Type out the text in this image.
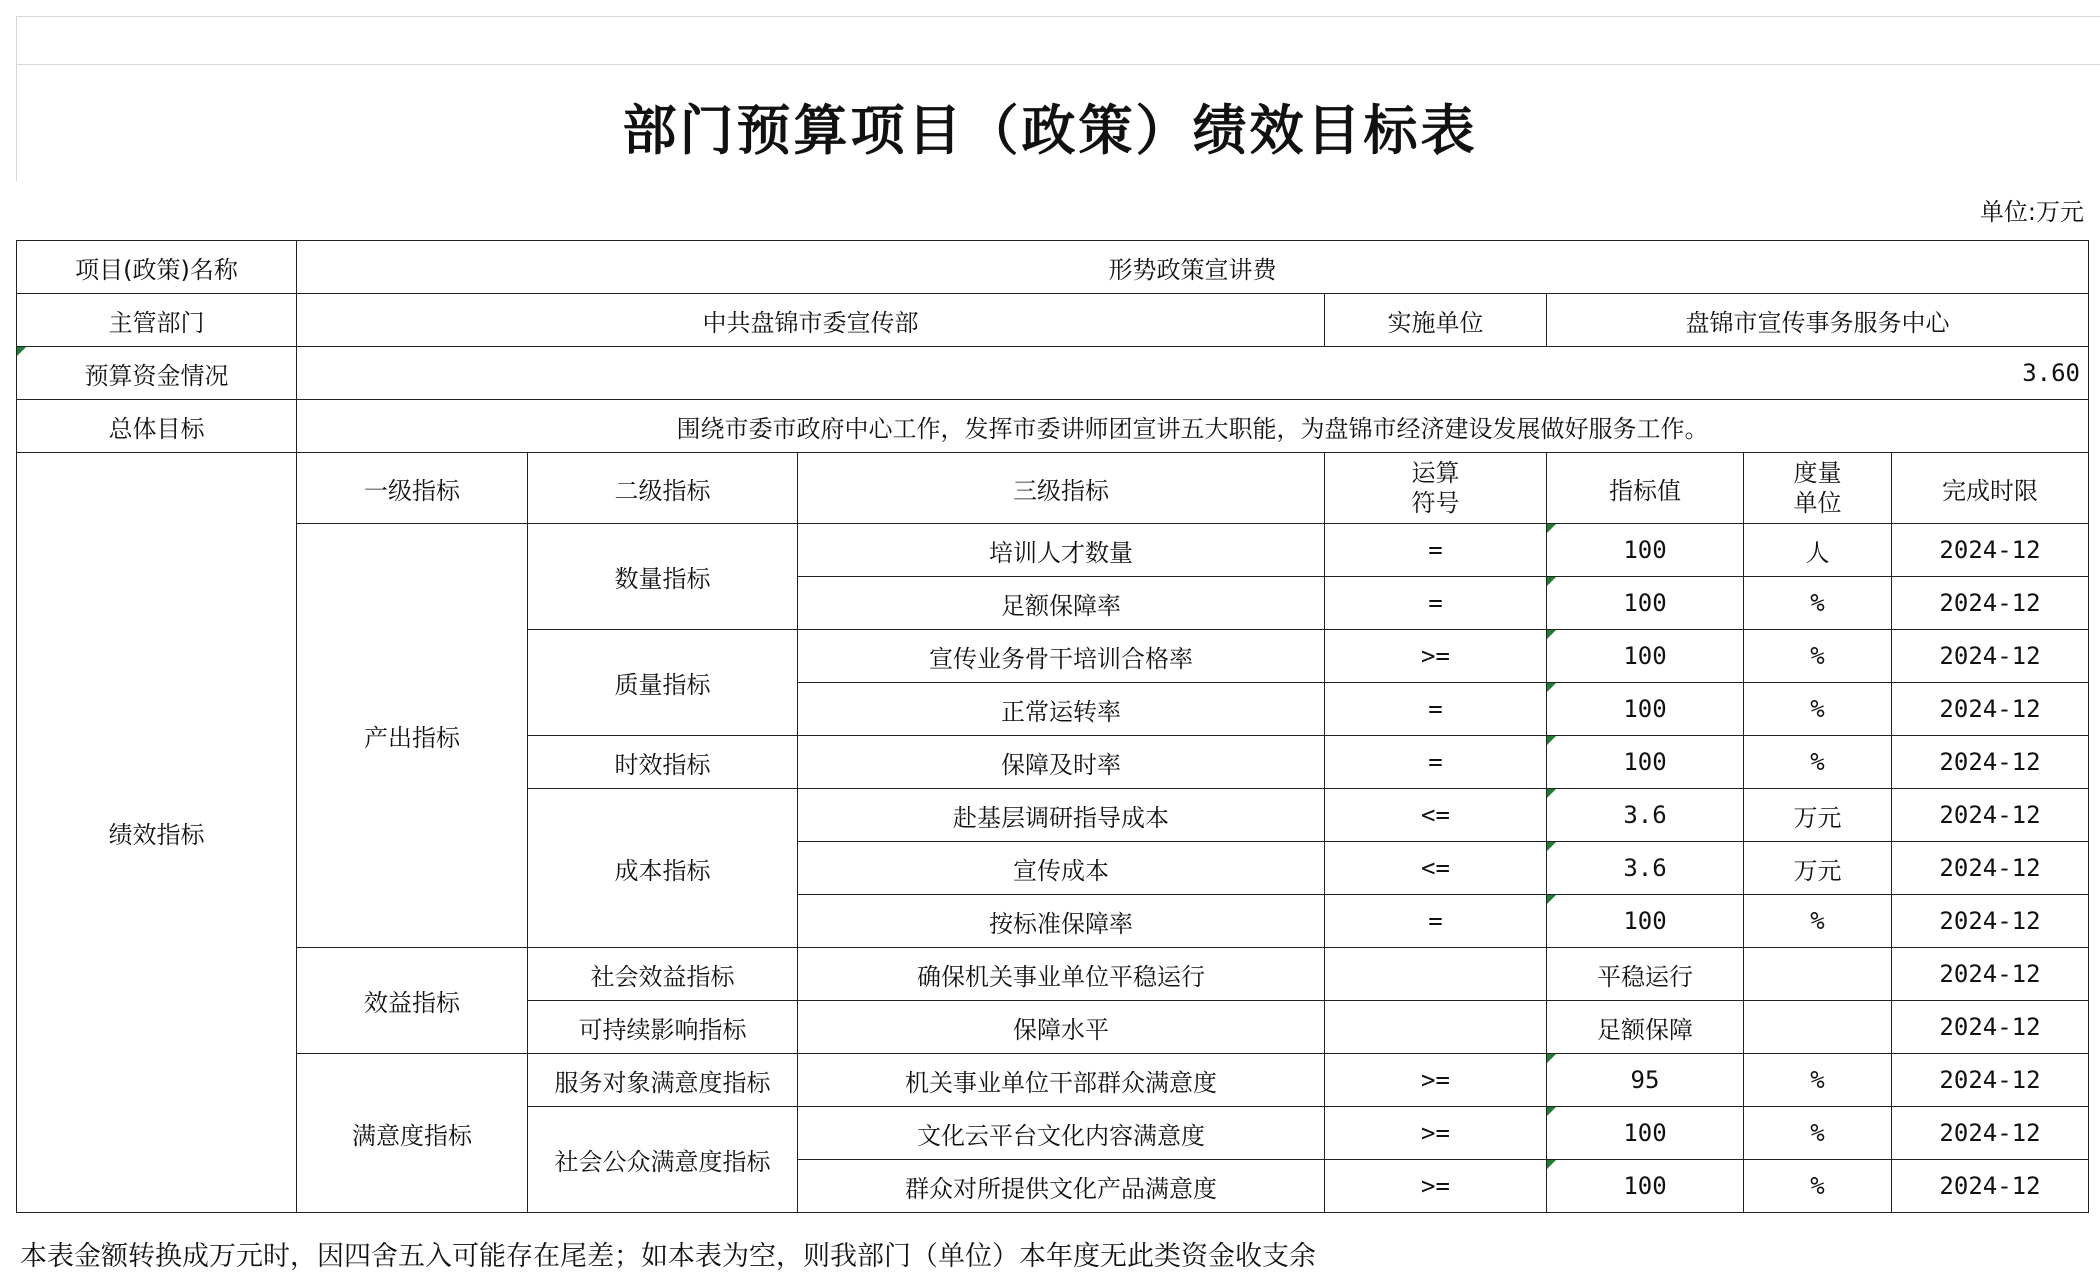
部门预算项目（政策）绩效目标表
单位:万元
项目(政策)名称	形势政策宣讲费						
主管部门	中共盘锦市委宣传部			实施单位	盘锦市宣传事务服务中心		
预算资金情况	3.60						
总体目标	围绕市委市政府中心工作，发挥市委讲师团宣讲五大职能，为盘锦市经济建设发展做好服务工作。						
绩效指标	一级指标	二级指标	三级指标	运算符号	指标值	度量单位	完成时限
	产出指标	数量指标	培训人才数量	=	100	人	2024-12
			足额保障率	=	100	%	2024-12
		质量指标	宣传业务骨干培训合格率	>=	100	%	2024-12
			正常运转率	=	100	%	2024-12
		时效指标	保障及时率	=	100	%	2024-12
		成本指标	赴基层调研指导成本	<=	3.6	万元	2024-12
			宣传成本	<=	3.6	万元	2024-12
			按标准保障率	=	100	%	2024-12
	效益指标	社会效益指标	确保机关事业单位平稳运行		平稳运行		2024-12
		可持续影响指标	保障水平		足额保障		2024-12
	满意度指标	服务对象满意度指标	机关事业单位干部群众满意度	>=	95	%	2024-12
		社会公众满意度指标	文化云平台文化内容满意度	>=	100	%	2024-12
			群众对所提供文化产品满意度	>=	100	%	2024-12
本表金额转换成万元时，因四舍五入可能存在尾差；如本表为空，则我部门（单位）本年度无此类资金收支余
